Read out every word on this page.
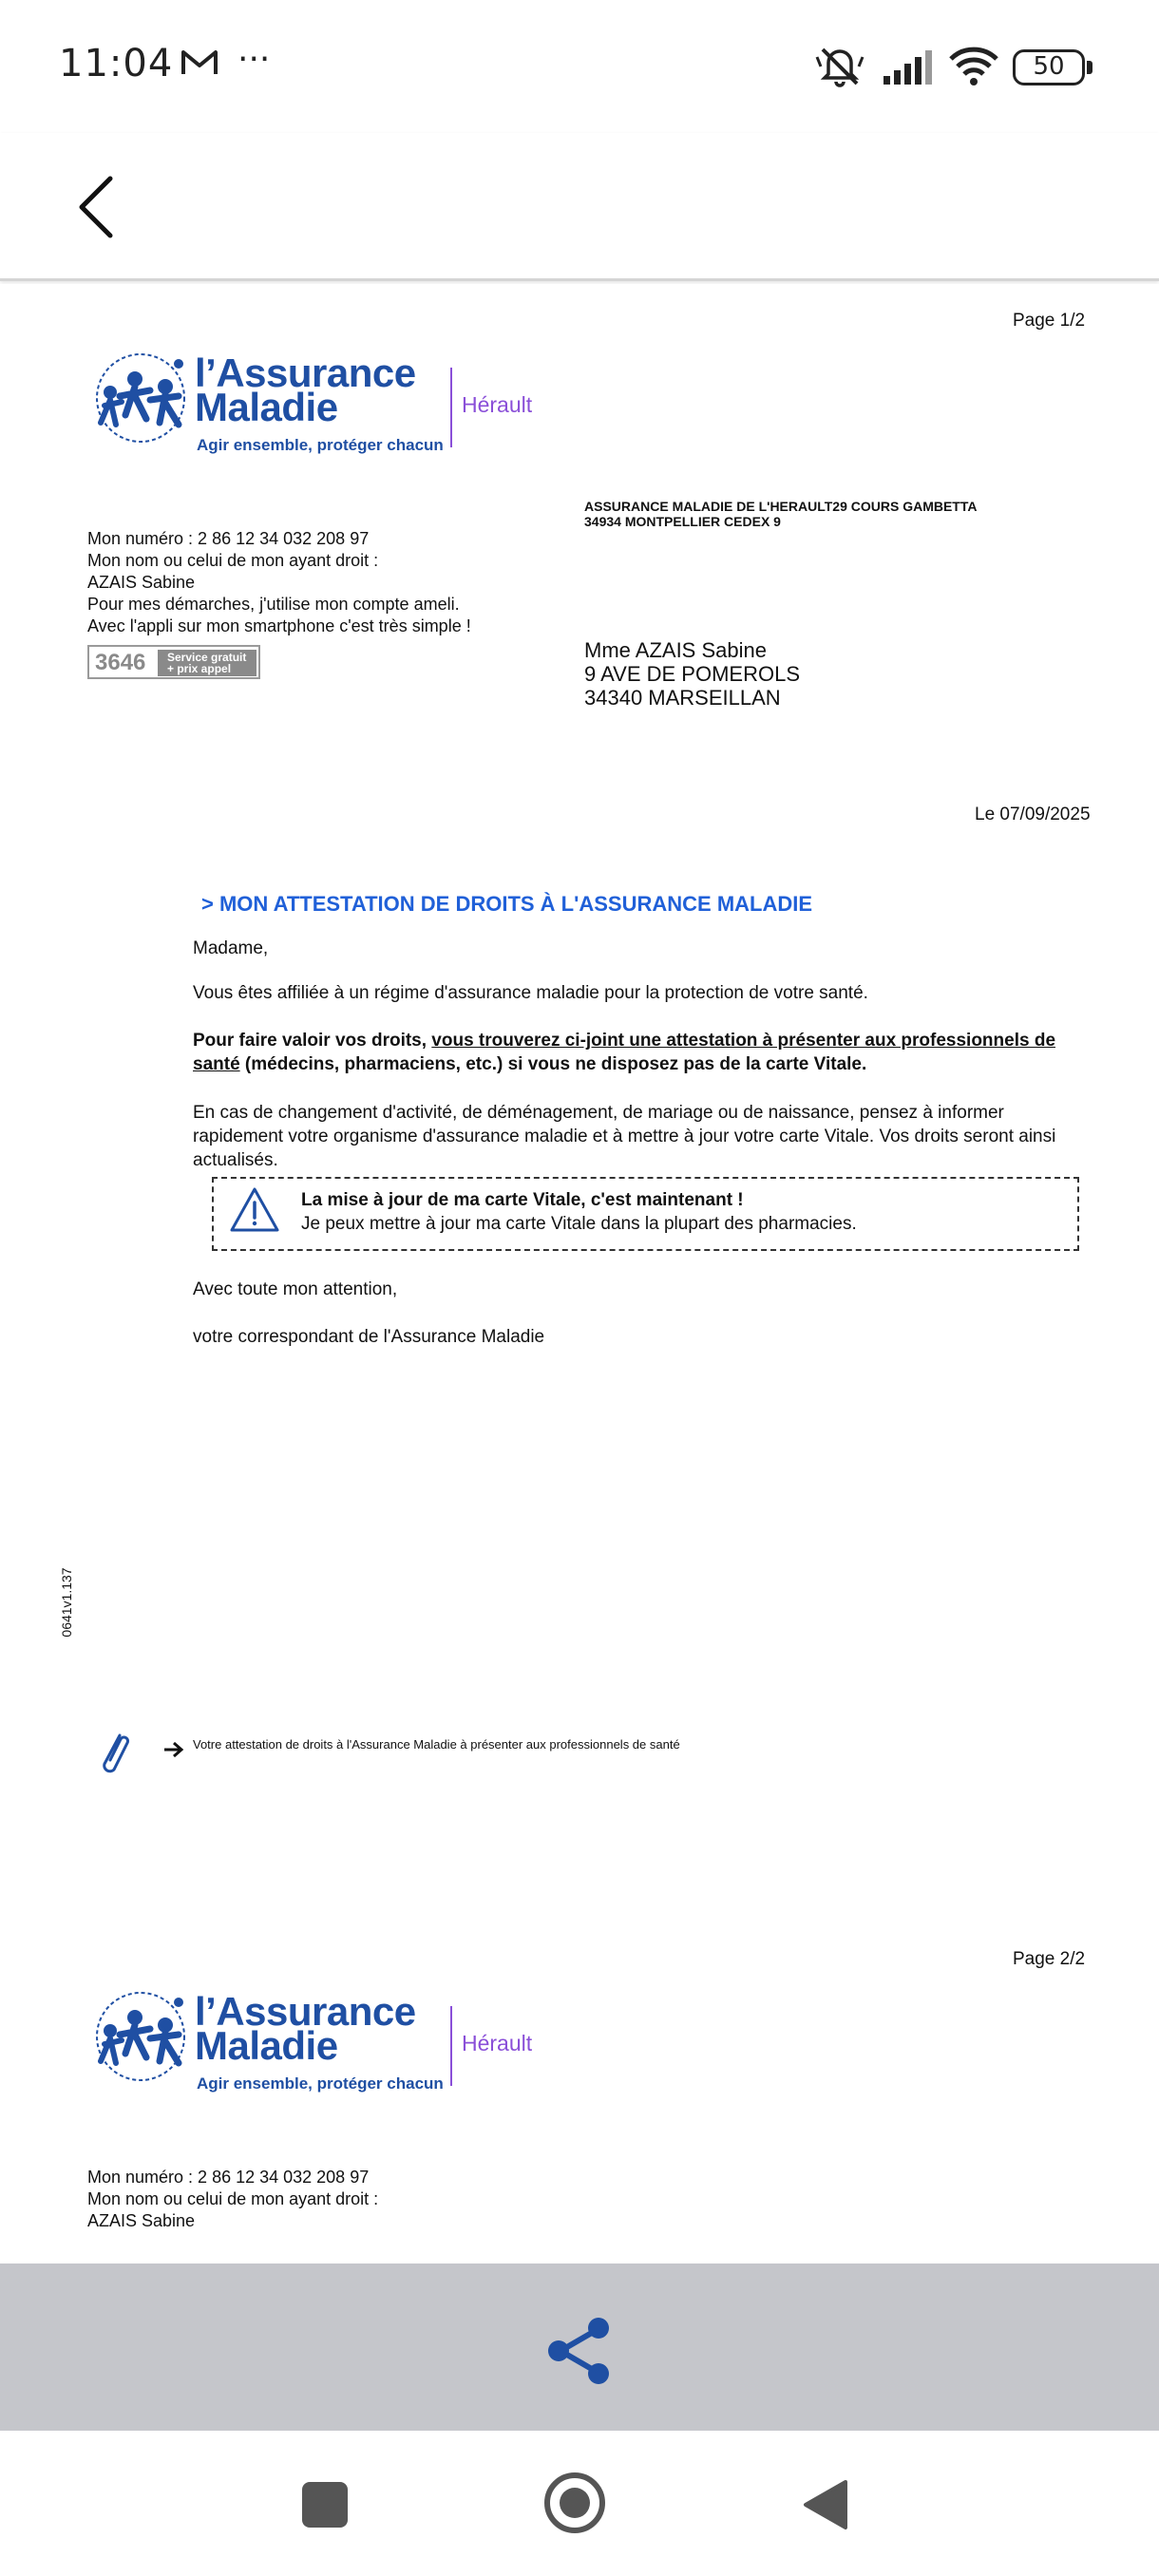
11:04 ···	50
Page 1/2
l’Assurance
Maladie
Agir ensemble, protéger chacun
Hérault
ASSURANCE MALADIE DE L'HERAULT29 COURS GAMBETTA
34934 MONTPELLIER CEDEX 9
Mon numéro : 2 86 12 34 032 208 97
Mon nom ou celui de mon ayant droit :
AZAIS Sabine
Pour mes démarches, j'utilise mon compte ameli.
Avec l'appli sur mon smartphone c'est très simple !
3646	Service gratuit
+ prix appel
Mme AZAIS Sabine
9 AVE DE POMEROLS
34340 MARSEILLAN
Le 07/09/2025
> MON ATTESTATION DE DROITS À L'ASSURANCE MALADIE
Madame,
Vous êtes affiliée à un régime d'assurance maladie pour la protection de votre santé.
Pour faire valoir vos droits, vous trouverez ci-joint une attestation à présenter aux professionnels de santé (médecins, pharmaciens, etc.) si vous ne disposez pas de la carte Vitale.
En cas de changement d'activité, de déménagement, de mariage ou de naissance, pensez à informer rapidement votre organisme d'assurance maladie et à mettre à jour votre carte Vitale. Vos droits seront ainsi actualisés.
La mise à jour de ma carte Vitale, c'est maintenant !
Je peux mettre à jour ma carte Vitale dans la plupart des pharmacies.
Avec toute mon attention,
votre correspondant de l'Assurance Maladie
0641v1.137
Votre attestation de droits à l'Assurance Maladie à présenter aux professionnels de santé
Page 2/2
l’Assurance
Maladie
Agir ensemble, protéger chacun
Hérault
Mon numéro : 2 86 12 34 032 208 97
Mon nom ou celui de mon ayant droit :
AZAIS Sabine
